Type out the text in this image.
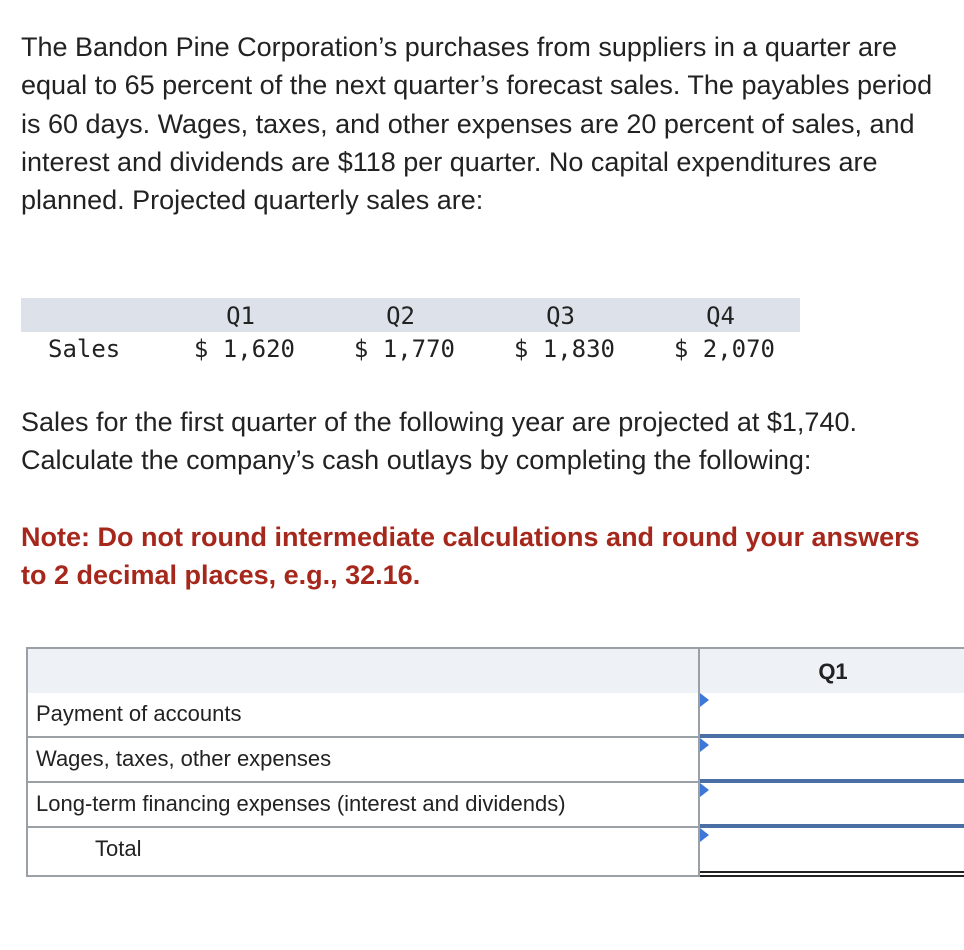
The Bandon Pine Corporation’s purchases from suppliers in a quarter are equal to 65 percent of the next quarter’s forecast sales. The payables period is 60 days. Wages, taxes, and other expenses are 20 percent of sales, and interest and dividends are $118 per quarter. No capital expenditures are planned. Projected quarterly sales are:

Q1	Q2	Q3	Q4
Sales	$ 1,620	$ 1,770	$ 1,830	$ 2,070

Sales for the first quarter of the following year are projected at $1,740. Calculate the company’s cash outlays by completing the following:

Note: Do not round intermediate calculations and round your answers to 2 decimal places, e.g., 32.16.

Q1
Payment of accounts
Wages, taxes, other expenses
Long-term financing expenses (interest and dividends)
Total
